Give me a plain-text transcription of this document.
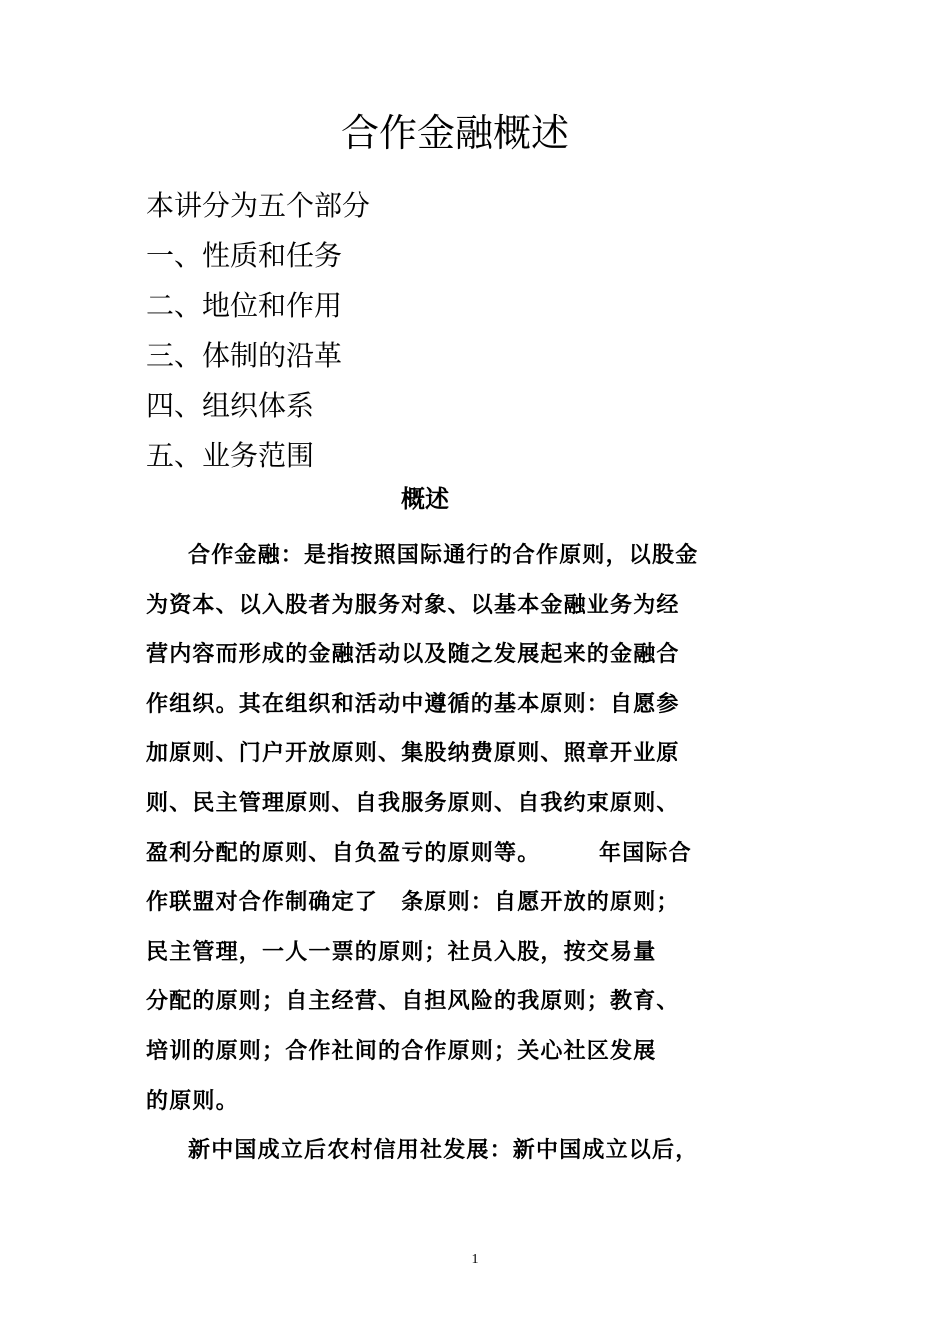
合作金融概述
本讲分为五个部分
一、性质和任务
二、地位和作用
三、体制的沿革
四、组织体系
五、业务范围
概述
合作金融：是指按照国际通行的合作原则，以股金
为资本、以入股者为服务对象、以基本金融业务为经
营内容而形成的金融活动以及随之发展起来的金融合
作组织。其在组织和活动中遵循的基本原则：自愿参
加原则、门户开放原则、集股纳费原则、照章开业原
则、民主管理原则、自我服务原则、自我约束原则、
盈利分配的原则、自负盈亏的原则等。　　　年国际合
作联盟对合作制确定了　条原则：自愿开放的原则；
民主管理，一人一票的原则；社员入股，按交易量
分配的原则；自主经营、自担风险的我原则；教育、
培训的原则；合作社间的合作原则；关心社区发展
的原则。
新中国成立后农村信用社发展：新中国成立以后，
1
